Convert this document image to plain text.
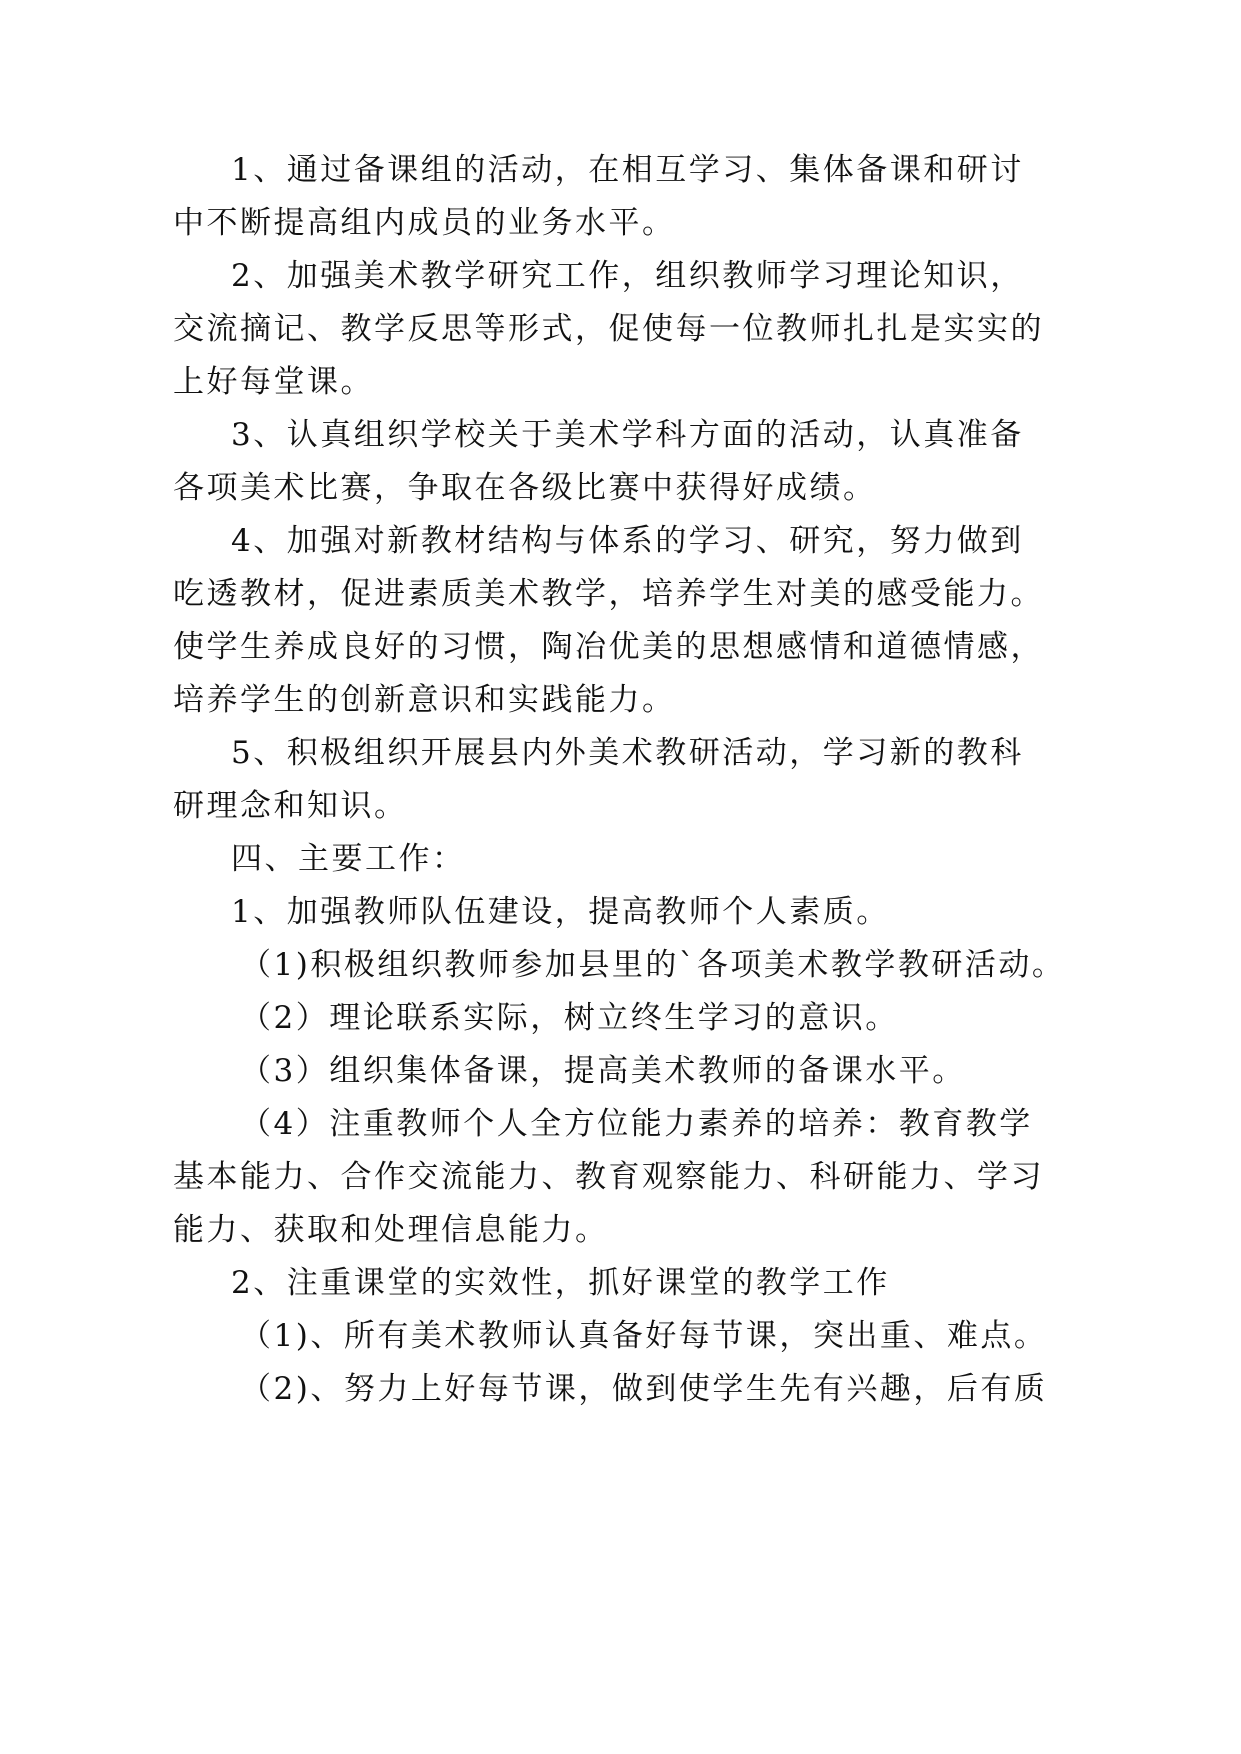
1、通过备课组的活动，在相互学习、集体备课和研讨
中不断提高组内成员的业务水平。
2、加强美术教学研究工作，组织教师学习理论知识，
交流摘记、教学反思等形式，促使每一位教师扎扎是实实的
上好每堂课。
3、认真组织学校关于美术学科方面的活动，认真准备
各项美术比赛，争取在各级比赛中获得好成绩。
4、加强对新教材结构与体系的学习、研究，努力做到
吃透教材，促进素质美术教学，培养学生对美的感受能力。
使学生养成良好的习惯，陶冶优美的思想感情和道德情感，
培养学生的创新意识和实践能力。
5、积极组织开展县内外美术教研活动，学习新的教科
研理念和知识。
四、主要工作：
1、加强教师队伍建设，提高教师个人素质。
（1)积极组织教师参加县里的`各项美术教学教研活动。
（2）理论联系实际，树立终生学习的意识。
（3）组织集体备课，提高美术教师的备课水平。
（4）注重教师个人全方位能力素养的培养：教育教学
基本能力、合作交流能力、教育观察能力、科研能力、学习
能力、获取和处理信息能力。
2、注重课堂的实效性，抓好课堂的教学工作
（1)、所有美术教师认真备好每节课，突出重、难点。
（2)、努力上好每节课，做到使学生先有兴趣，后有质
